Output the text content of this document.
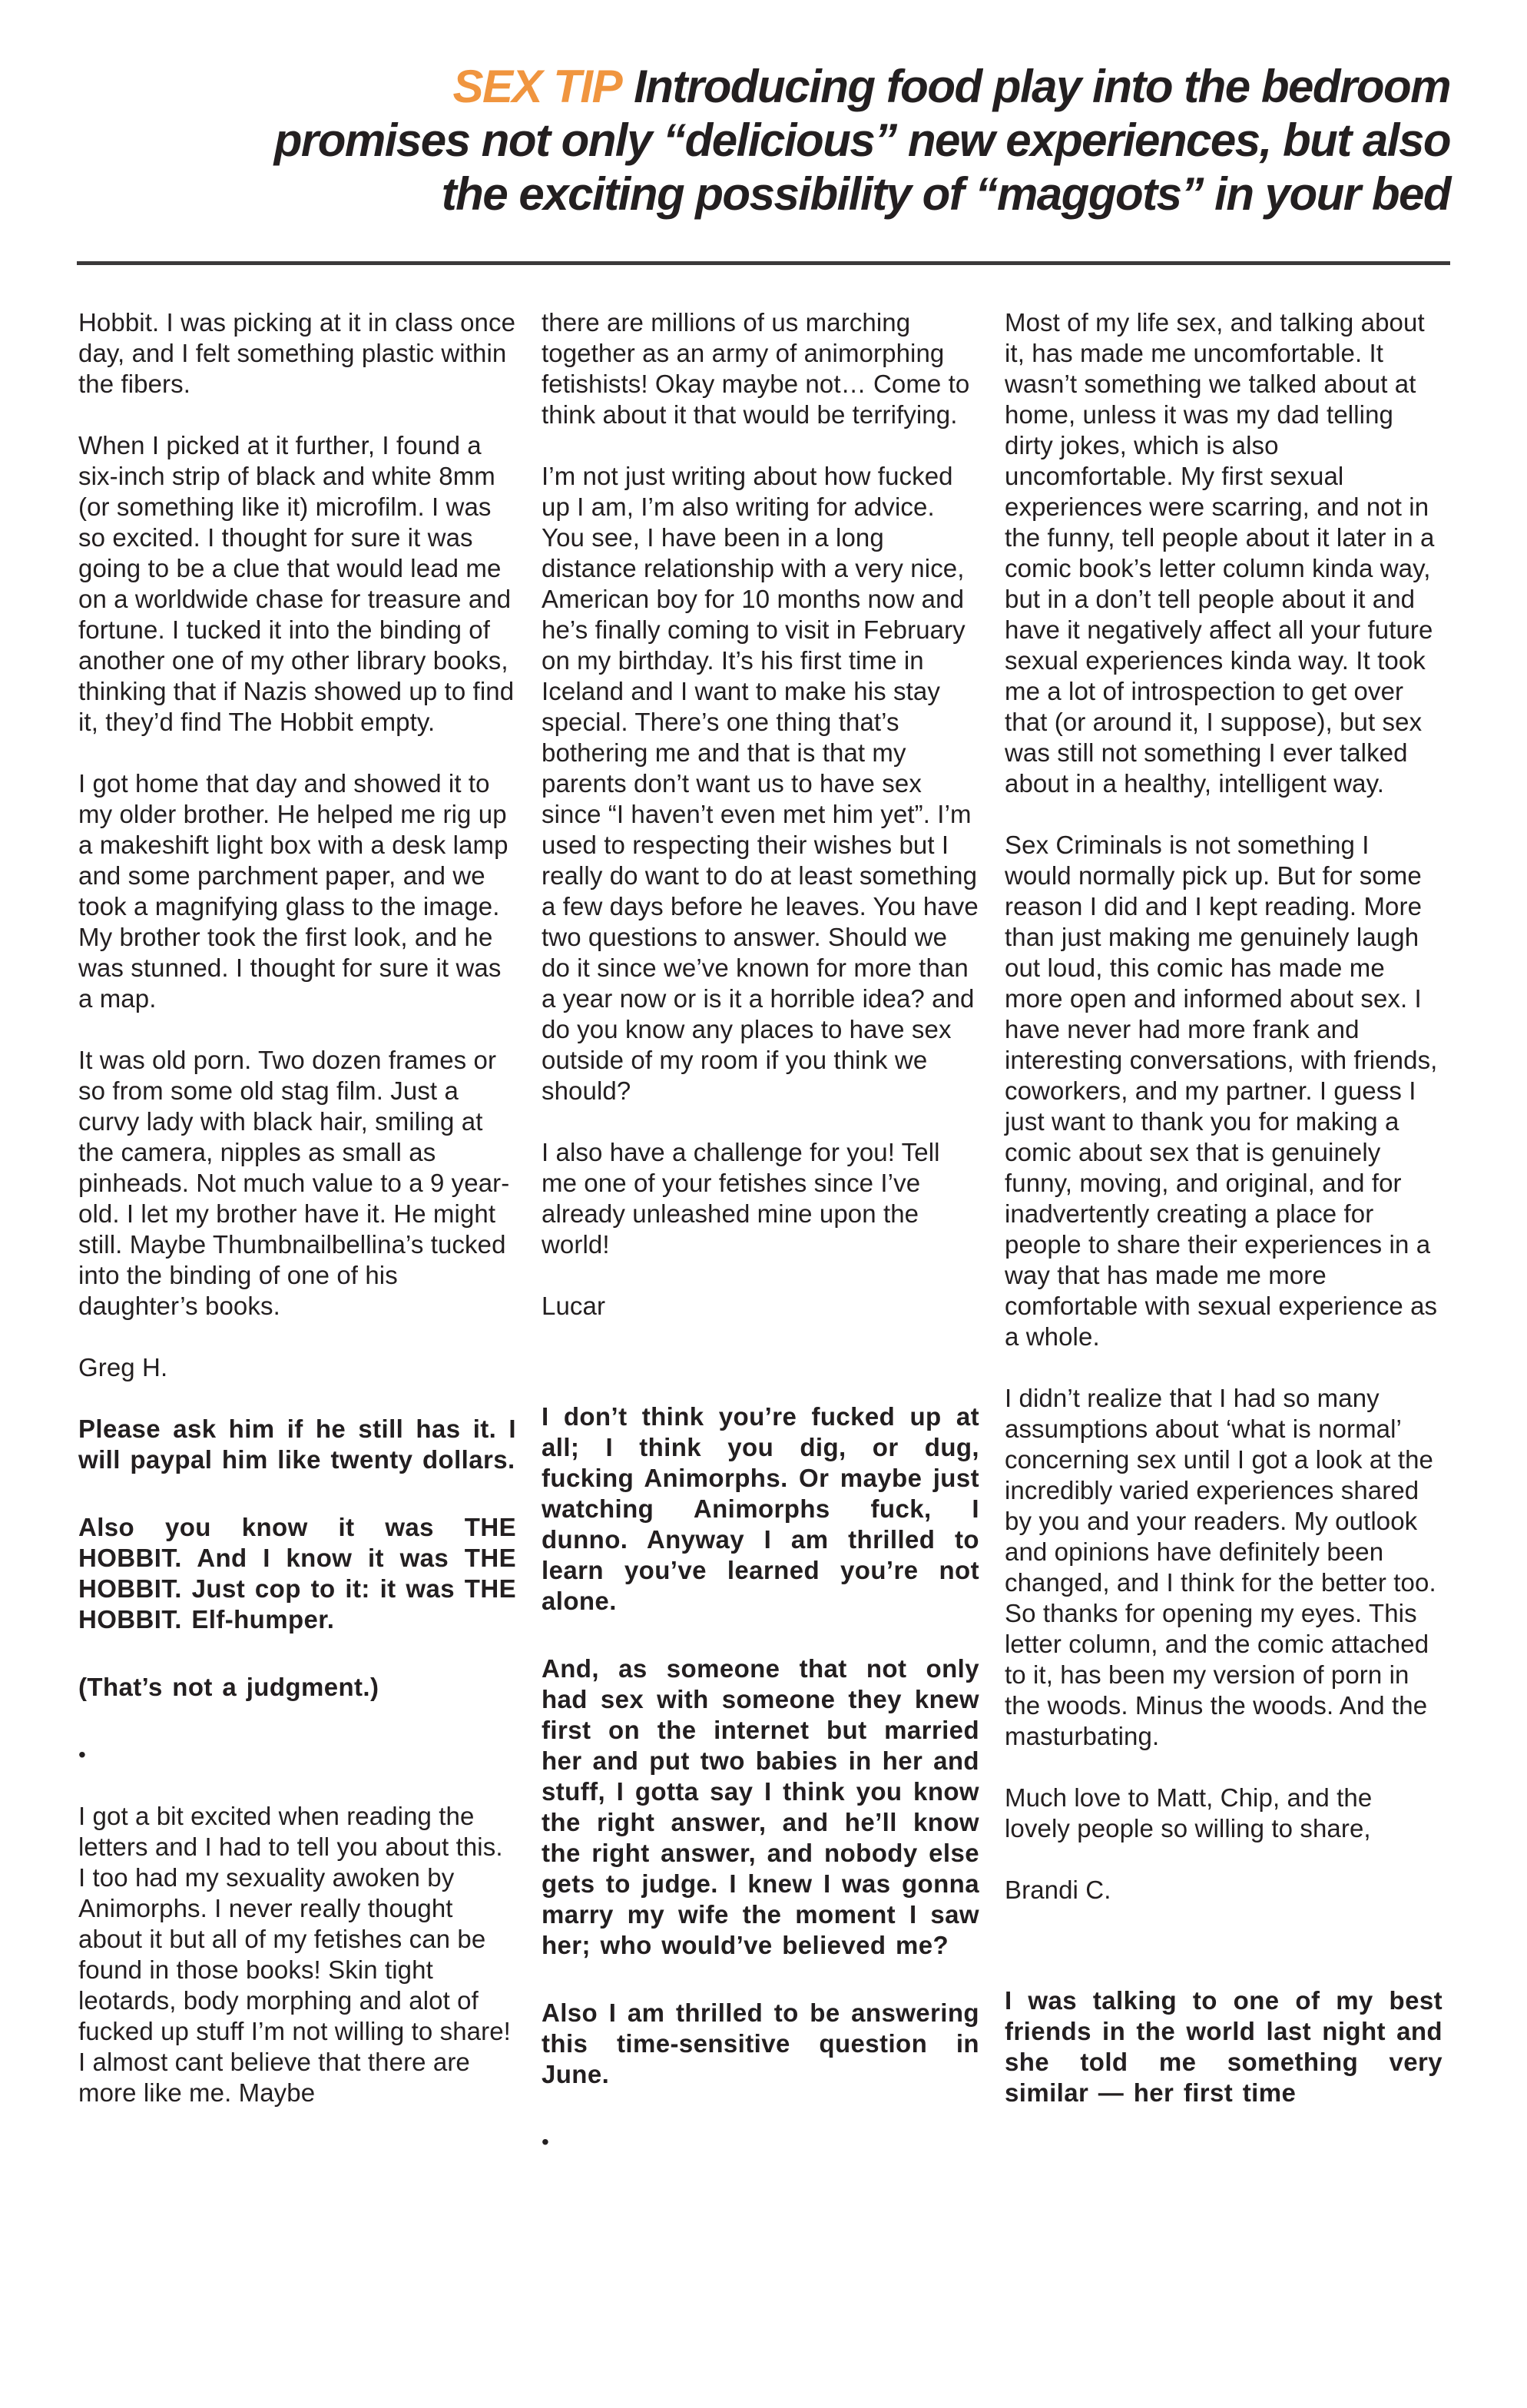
SEX TIP Introducing food play into the bedroom
promises not only “delicious” new experiences, but also
the exciting possibility of “maggots” in your bed

Hobbit. I was picking at it in class once day, and I felt something plastic within the fibers.

When I picked at it further, I found a six-inch strip of black and white 8mm (or something like it) microfilm. I was so excited. I thought for sure it was going to be a clue that would lead me on a worldwide chase for treasure and fortune. I tucked it into the binding of another one of my other library books, thinking that if Nazis showed up to find it, they’d find The Hobbit empty.

I got home that day and showed it to my older brother. He helped me rig up a makeshift light box with a desk lamp and some parchment paper, and we took a magnifying glass to the image. My brother took the first look, and he was stunned. I thought for sure it was a map.

It was old porn. Two dozen frames or so from some old stag film. Just a curvy lady with black hair, smiling at the camera, nipples as small as pinheads. Not much value to a 9 year-old. I let my brother have it. He might still. Maybe Thumbnailbellina’s tucked into the binding of one of his daughter’s books.

Greg H.

Please ask him if he still has it. I will paypal him like twenty dollars.

Also you know it was THE HOBBIT. And I know it was THE HOBBIT. Just cop to it: it was THE HOBBIT. Elf-humper.

(That’s not a judgment.)

•

I got a bit excited when reading the letters and I had to tell you about this. I too had my sexuality awoken by Animorphs. I never really thought about it but all of my fetishes can be found in those books! Skin tight leotards, body morphing and alot of fucked up stuff I’m not willing to share! I almost cant believe that there are more like me. Maybe

there are millions of us marching together as an army of animorphing fetishists! Okay maybe not… Come to think about it that would be terrifying.

I’m not just writing about how fucked up I am, I’m also writing for advice. You see, I have been in a long distance relationship with a very nice, American boy for 10 months now and he’s finally coming to visit in February on my birthday. It’s his first time in Iceland and I want to make his stay special. There’s one thing that’s bothering me and that is that my parents don’t want us to have sex since “I haven’t even met him yet”. I’m used to respecting their wishes but I really do want to do at least something a few days before he leaves. You have two questions to answer. Should we do it since we’ve known for more than a year now or is it a horrible idea? and do you know any places to have sex outside of my room if you think we should?

I also have a challenge for you! Tell me one of your fetishes since I’ve already unleashed mine upon the world!

Lucar

I don’t think you’re fucked up at all; I think you dig, or dug, fucking Animorphs. Or maybe just watching Animorphs fuck, I dunno. Anyway I am thrilled to learn you’ve learned you’re not alone.

And, as someone that not only had sex with someone they knew first on the internet but married her and put two babies in her and stuff, I gotta say I think you know the right answer, and he’ll know the right answer, and nobody else gets to judge. I knew I was gonna marry my wife the moment I saw her; who would’ve believed me?

Also I am thrilled to be answering this time-sensitive question in June.

•

Most of my life sex, and talking about it, has made me uncomfortable. It wasn’t something we talked about at home, unless it was my dad telling dirty jokes, which is also uncomfortable. My first sexual experiences were scarring, and not in the funny, tell people about it later in a comic book’s letter column kinda way, but in a don’t tell people about it and have it negatively affect all your future sexual experiences kinda way. It took me a lot of introspection to get over that (or around it, I suppose), but sex was still not something I ever talked about in a healthy, intelligent way.

Sex Criminals is not something I would normally pick up. But for some reason I did and I kept reading. More than just making me genuinely laugh out loud, this comic has made me more open and informed about sex. I have never had more frank and interesting conversations, with friends, coworkers, and my partner. I guess I just want to thank you for making a comic about sex that is genuinely funny, moving, and original, and for inadvertently creating a place for people to share their experiences in a way that has made me more comfortable with sexual experience as a whole.

I didn’t realize that I had so many assumptions about ‘what is normal’ concerning sex until I got a look at the incredibly varied experiences shared by you and your readers. My outlook and opinions have definitely been changed, and I think for the better too. So thanks for opening my eyes. This letter column, and the comic attached to it, has been my version of porn in the woods. Minus the woods. And the masturbating.

Much love to Matt, Chip, and the lovely people so willing to share,

Brandi C.

I was talking to one of my best friends in the world last night and she told me something very similar — her first time
